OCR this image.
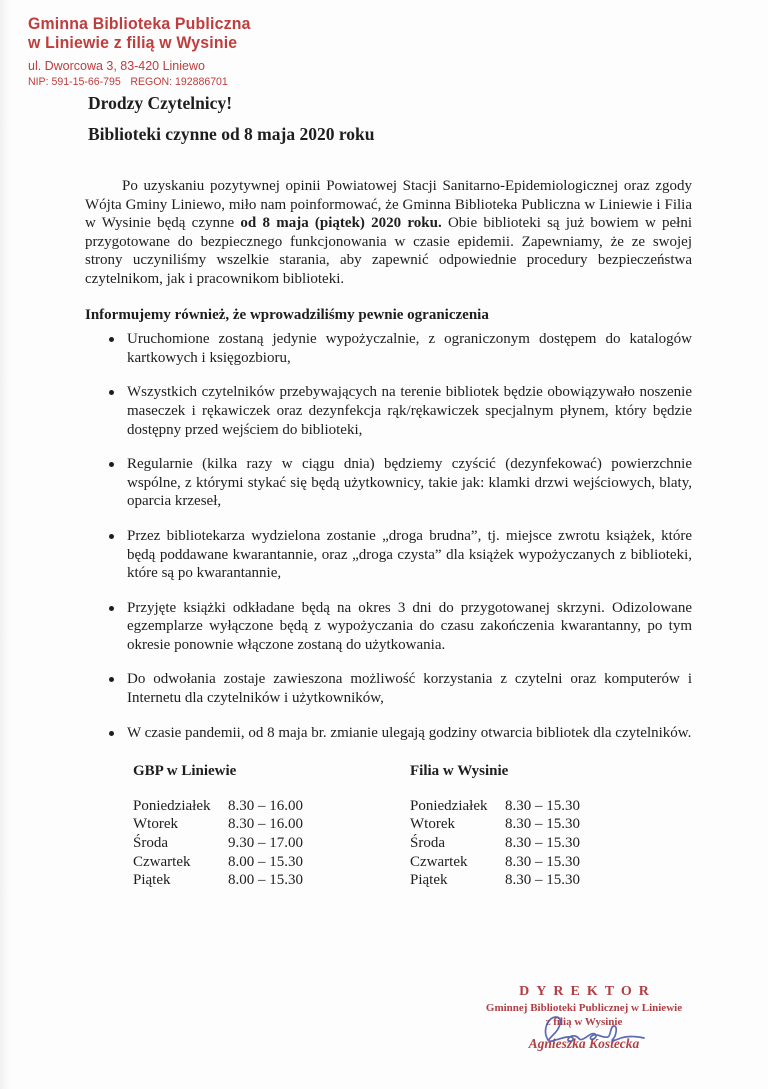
Gminna Biblioteka Publiczna
w Liniewie z filią w Wysinie
ul. Dworcowa 3, 83-420 Liniewo
NIP: 591-15-66-795 REGON: 192886701
Drodzy Czytelnicy!
Biblioteki czynne od 8 maja 2020 roku

Po uzyskaniu pozytywnej opinii Powiatowej Stacji Sanitarno-Epidemiologicznej oraz zgody Wójta Gminy Liniewo, miło nam poinformować, że Gminna Biblioteka Publiczna w Liniewie i Filia w Wysinie będą czynne od 8 maja (piątek) 2020 roku. Obie biblioteki są już bowiem w pełni przygotowane do bezpiecznego funkcjonowania w czasie epidemii. Zapewniamy, że ze swojej strony uczyniliśmy wszelkie starania, aby zapewnić odpowiednie procedury bezpieczeństwa czytelnikom, jak i pracownikom biblioteki.

Informujemy również, że wprowadziliśmy pewnie ograniczenia

Uruchomione zostaną jedynie wypożyczalnie, z ograniczonym dostępem do katalogów kartkowych i księgozbioru,
Wszystkich czytelników przebywających na terenie bibliotek będzie obowiązywało noszenie maseczek i rękawiczek oraz dezynfekcja rąk/rękawiczek specjalnym płynem, który będzie dostępny przed wejściem do biblioteki,
Regularnie (kilka razy w ciągu dnia) będziemy czyścić (dezynfekować) powierzchnie wspólne, z którymi stykać się będą użytkownicy, takie jak: klamki drzwi wejściowych, blaty, oparcia krzeseł,
Przez bibliotekarza wydzielona zostanie „droga brudna”, tj. miejsce zwrotu książek, które będą poddawane kwarantannie, oraz „droga czysta” dla książek wypożyczanych z biblioteki, które są po kwarantannie,
Przyjęte książki odkładane będą na okres 3 dni do przygotowanej skrzyni. Odizolowane egzemplarze wyłączone będą z wypożyczania do czasu zakończenia kwarantanny, po tym okresie ponownie włączone zostaną do użytkowania.
Do odwołania zostaje zawieszona możliwość korzystania z czytelni oraz komputerów i Internetu dla czytelników i użytkowników,
W czasie pandemii, od 8 maja br. zmianie ulegają godziny otwarcia bibliotek dla czytelników.
GBP w Liniewie
Poniedziałek 8.30 – 16.00
Wtorek	8.30 – 16.00
Środa	9.30 – 17.00
Czwartek	8.00 – 15.30
Piątek	8.00 – 15.30
Filia w Wysinie
Poniedziałek 8.30 – 15.30
Wtorek	8.30 – 15.30
Środa	8.30 – 15.30
Czwartek	8.30 – 15.30
Piątek	8.30 – 15.30
DYREKTOR
Gminnej Biblioteki Publicznej w Liniewie
z filią w Wysinie
Agnieszka Kostecka
